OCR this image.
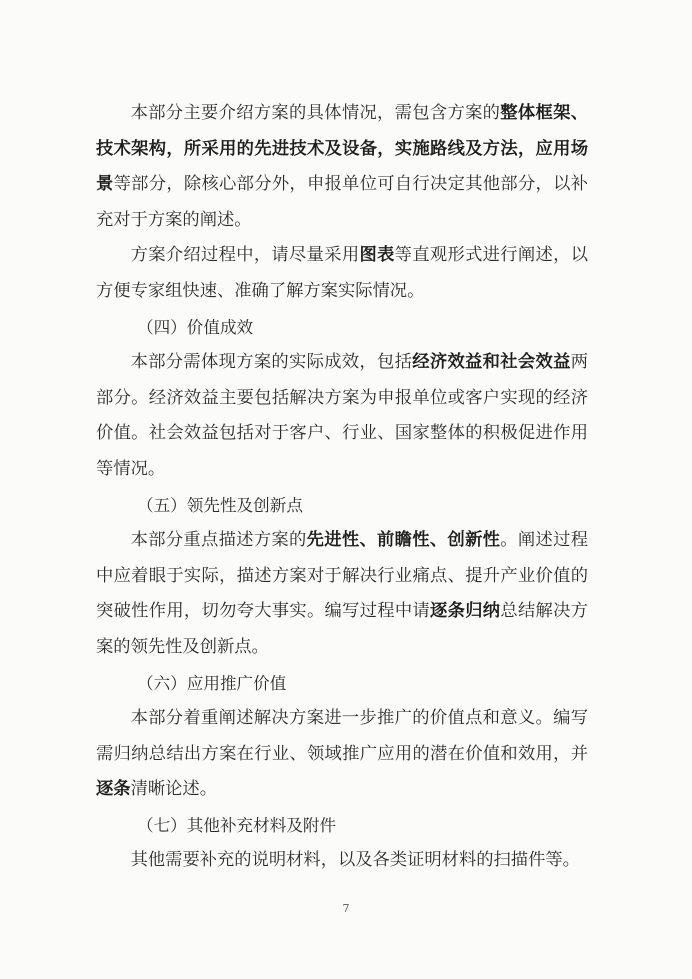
本部分主要介绍方案的具体情况，需包含方案的整体框架、技术架构，所采用的先进技术及设备，实施路线及方法，应用场景等部分，除核心部分外，申报单位可自行决定其他部分，以补充对于方案的阐述。

方案介绍过程中，请尽量采用图表等直观形式进行阐述，以方便专家组快速、准确了解方案实际情况。

（四）价值成效

本部分需体现方案的实际成效，包括经济效益和社会效益两部分。经济效益主要包括解决方案为申报单位或客户实现的经济价值。社会效益包括对于客户、行业、国家整体的积极促进作用等情况。

（五）领先性及创新点

本部分重点描述方案的先进性、前瞻性、创新性。阐述过程中应着眼于实际，描述方案对于解决行业痛点、提升产业价值的突破性作用，切勿夸大事实。编写过程中请逐条归纳总结解决方案的领先性及创新点。

（六）应用推广价值

本部分着重阐述解决方案进一步推广的价值点和意义。编写需归纳总结出方案在行业、领域推广应用的潜在价值和效用，并逐条清晰论述。

（七）其他补充材料及附件

其他需要补充的说明材料，以及各类证明材料的扫描件等。

7
